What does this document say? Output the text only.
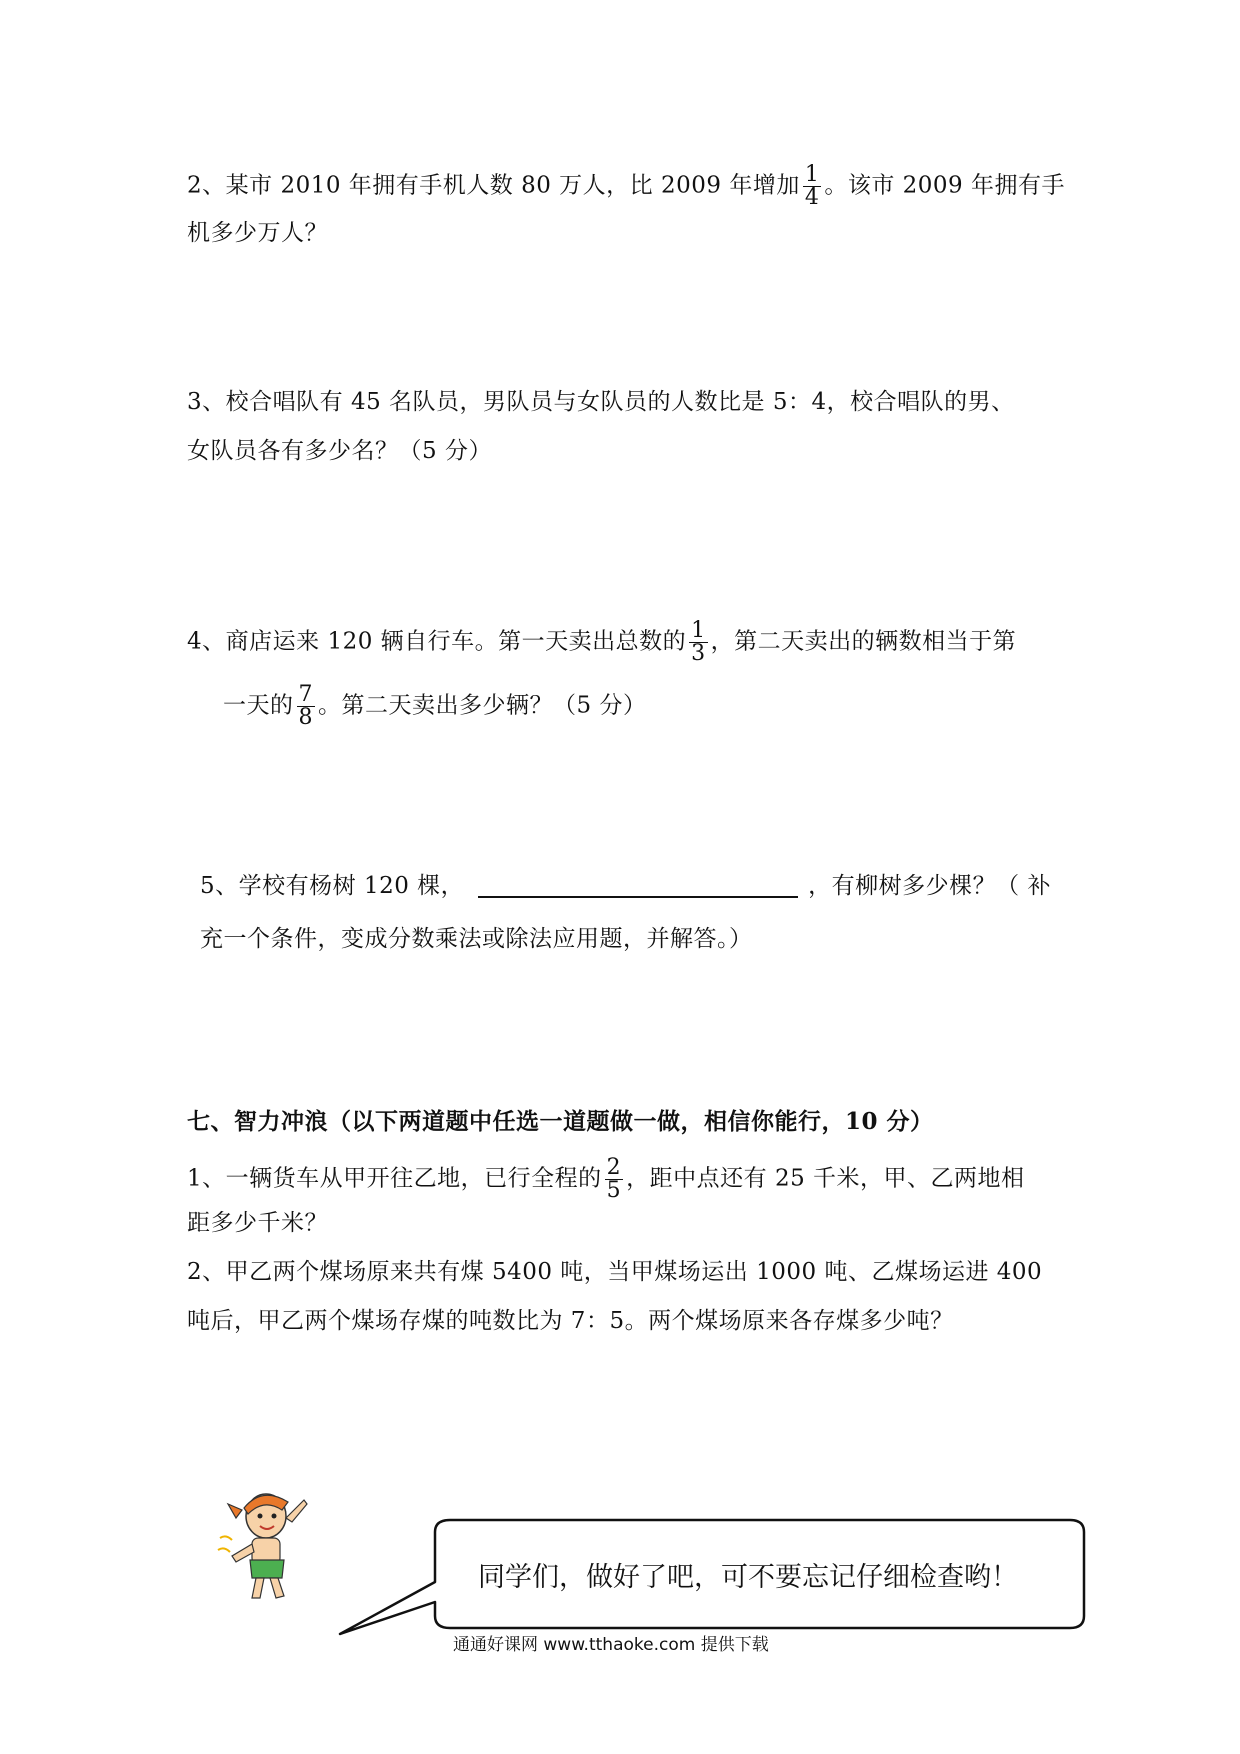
2、某市 2010 年拥有手机人数 80 万人，比 2009 年增加 $\frac{1}{4}$ 。该市 2009 年拥有手
机多少万人？
3、校合唱队有 45 名队员，男队员与女队员的人数比是 5：4，校合唱队的男、
女队员各有多少名？（5 分）
4、商店运来 120 辆自行车。第一天卖出总数的 $\frac{1}{3}$ ，第二天卖出的辆数相当于第
一天的 $\frac{7}{8}$ 。第二天卖出多少辆？（5 分）
5、学校有杨树 120 棵，	，有柳树多少棵？（ 补
充一个条件，变成分数乘法或除法应用题，并解答。）
七、智力冲浪（以下两道题中任选一道题做一做，相信你能行，10 分）
1、一辆货车从甲开往乙地，已行全程的 $\frac{2}{5}$ ，距中点还有 25 千米，甲、乙两地相
距多少千米？
2、甲乙两个煤场原来共有煤 5400 吨，当甲煤场运出 1000 吨、乙煤场运进 400
吨后，甲乙两个煤场存煤的吨数比为 7：5。两个煤场原来各存煤多少吨？
同学们，做好了吧，可不要忘记仔细检查哟！
通通好课网 www.tthaoke.com 提供下载
